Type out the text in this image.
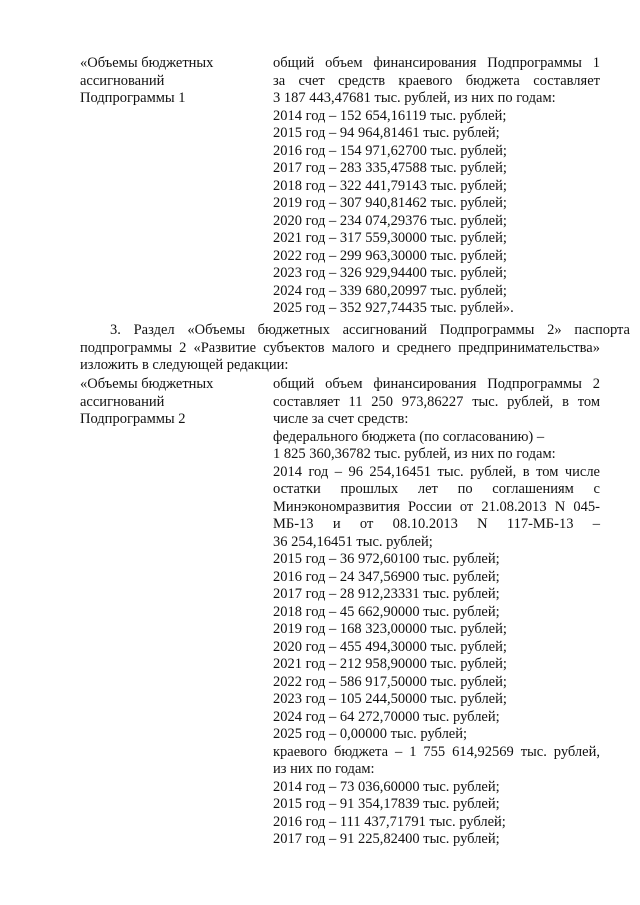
«Объемы бюджетных
ассигнований
Подпрограммы 1
общий объем финансирования Подпрограммы 1
за счет средств краевого бюджета составляет
3 187 443,47681 тыс. рублей, из них по годам:
2014 год – 152 654,16119 тыс. рублей;
2015 год – 94 964,81461 тыс. рублей;
2016 год – 154 971,62700 тыс. рублей;
2017 год – 283 335,47588 тыс. рублей;
2018 год – 322 441,79143 тыс. рублей;
2019 год – 307 940,81462 тыс. рублей;
2020 год – 234 074,29376 тыс. рублей;
2021 год – 317 559,30000 тыс. рублей;
2022 год – 299 963,30000 тыс. рублей;
2023 год – 326 929,94400 тыс. рублей;
2024 год – 339 680,20997 тыс. рублей;
2025 год – 352 927,74435 тыс. рублей».
3. Раздел «Объемы бюджетных ассигнований Подпрограммы 2» паспорта
подпрограммы 2 «Развитие субъектов малого и среднего предпринимательства»
изложить в следующей редакции:
«Объемы бюджетных
ассигнований
Подпрограммы 2
общий объем финансирования Подпрограммы 2
составляет 11 250 973,86227 тыс. рублей, в том
числе за счет средств:
федерального бюджета (по согласованию) –
1 825 360,36782 тыс. рублей, из них по годам:
2014 год – 96 254,16451 тыс. рублей, в том числе
остатки прошлых лет по соглашениям с
Минэкономразвития России от 21.08.2013 N 045-
МБ-13 и от 08.10.2013 N 117-МБ-13 –
36 254,16451 тыс. рублей;
2015 год – 36 972,60100 тыс. рублей;
2016 год – 24 347,56900 тыс. рублей;
2017 год – 28 912,23331 тыс. рублей;
2018 год – 45 662,90000 тыс. рублей;
2019 год – 168 323,00000 тыс. рублей;
2020 год – 455 494,30000 тыс. рублей;
2021 год – 212 958,90000 тыс. рублей;
2022 год – 586 917,50000 тыс. рублей;
2023 год – 105 244,50000 тыс. рублей;
2024 год – 64 272,70000 тыс. рублей;
2025 год – 0,00000 тыс. рублей;
краевого бюджета – 1 755 614,92569 тыс. рублей,
из них по годам:
2014 год – 73 036,60000 тыс. рублей;
2015 год – 91 354,17839 тыс. рублей;
2016 год – 111 437,71791 тыс. рублей;
2017 год – 91 225,82400 тыс. рублей;
